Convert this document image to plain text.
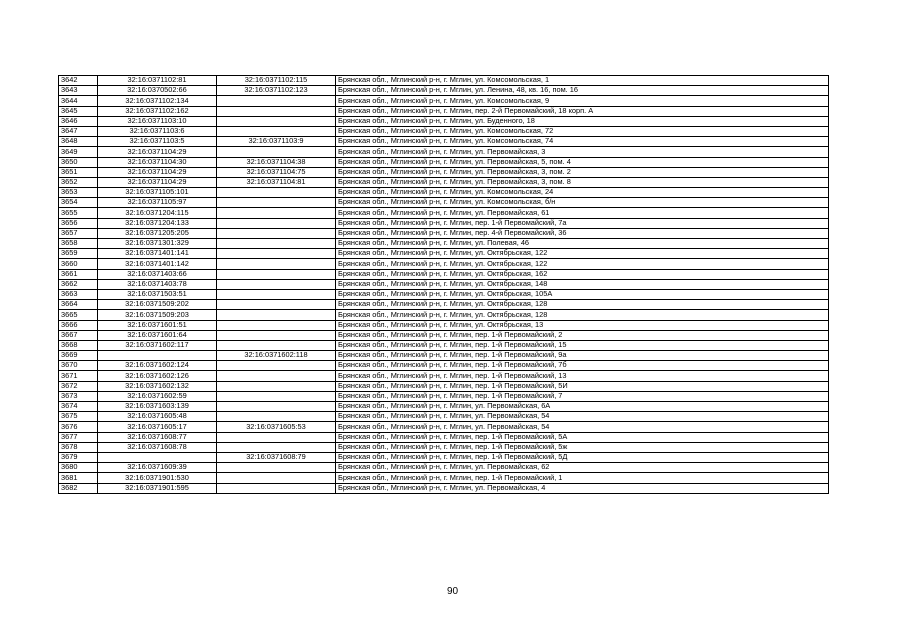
3642	32:16:0371102:81	32:16:0371102:115	Брянская обл., Мглинский р-н, г. Мглин, ул. Комсомольская, 1
3643	32:16:0370502:66	32:16:0371102:123	Брянская обл., Мглинский р-н, г. Мглин, ул. Ленина, 48, кв. 16, пом. 16
3644	32:16:0371102:134		Брянская обл., Мглинский р-н, г. Мглин, ул. Комсомольская, 9
3645	32:16:0371102:162		Брянская обл., Мглинский р-н, г. Мглин, пер. 2-й Первомайский, 18 корп. А
3646	32:16:0371103:10		Брянская обл., Мглинский р-н, г. Мглин, ул. Буденного, 18
3647	32:16:0371103:6		Брянская обл., Мглинский р-н, г. Мглин, ул. Комсомольская, 72
3648	32:16:0371103:5	32:16:0371103:9	Брянская обл., Мглинский р-н, г. Мглин, ул. Комсомольская, 74
3649	32:16:0371104:29		Брянская обл., Мглинский р-н, г. Мглин, ул. Первомайская, 3
3650	32:16:0371104:30	32:16:0371104:38	Брянская обл., Мглинский р-н, г. Мглин, ул. Первомайская, 5, пом. 4
3651	32:16:0371104:29	32:16:0371104:75	Брянская обл., Мглинский р-н, г. Мглин, ул. Первомайская, 3, пом. 2
3652	32:16:0371104:29	32:16:0371104:81	Брянская обл., Мглинский р-н, г. Мглин, ул. Первомайская, 3, пом. 8
3653	32:16:0371105:101		Брянская обл., Мглинский р-н, г. Мглин, ул. Комсомольская, 24
3654	32:16:0371105:97		Брянская обл., Мглинский р-н, г. Мглин, ул. Комсомольская, б/н
3655	32:16:0371204:115		Брянская обл., Мглинский р-н, г. Мглин, ул. Первомайская, 61
3656	32:16:0371204:133		Брянская обл., Мглинский р-н, г. Мглин, пер. 1-й Первомайский, 7а
3657	32:16:0371205:205		Брянская обл., Мглинский р-н, г. Мглин, пер. 4-й Первомайский, 36
3658	32:16:0371301:329		Брянская обл., Мглинский р-н, г. Мглин, ул. Полевая, 46
3659	32:16:0371401:141		Брянская обл., Мглинский р-н, г. Мглин, ул. Октябрьская, 122
3660	32:16:0371401:142		Брянская обл., Мглинский р-н, г. Мглин, ул. Октябрьская, 122
3661	32:16:0371403:66		Брянская обл., Мглинский р-н, г. Мглин, ул. Октябрьская, 162
3662	32:16:0371403:78		Брянская обл., Мглинский р-н, г. Мглин, ул. Октябрьская, 148
3663	32:16:0371503:51		Брянская обл., Мглинский р-н, г. Мглин, ул. Октябрьская, 105А
3664	32:16:0371509:202		Брянская обл., Мглинский р-н, г. Мглин, ул. Октябрьская, 128
3665	32:16:0371509:203		Брянская обл., Мглинский р-н, г. Мглин, ул. Октябрьская, 128
3666	32:16:0371601:51		Брянская обл., Мглинский р-н, г. Мглин, ул. Октябрьская, 13
3667	32:16:0371601:64		Брянская обл., Мглинский р-н, г. Мглин, пер. 1-й Первомайский, 2
3668	32:16:0371602:117		Брянская обл., Мглинский р-н, г. Мглин, пер. 1-й Первомайский, 15
3669		32:16:0371602:118	Брянская обл., Мглинский р-н, г. Мглин, пер. 1-й Первомайский, 9а
3670	32:16:0371602:124		Брянская обл., Мглинский р-н, г. Мглин, пер. 1-й Первомайский, 7б
3671	32:16:0371602:126		Брянская обл., Мглинский р-н, г. Мглин, пер. 1-й Первомайский, 13
3672	32:16:0371602:132		Брянская обл., Мглинский р-н, г. Мглин, пер. 1-й Первомайский, 5И
3673	32:16:0371602:59		Брянская обл., Мглинский р-н, г. Мглин, пер. 1-й Первомайский, 7
3674	32:16:0371603:139		Брянская обл., Мглинский р-н, г. Мглин, ул. Первомайская, 6А
3675	32:16:0371605:48		Брянская обл., Мглинский р-н, г. Мглин, ул. Первомайская, 54
3676	32:16:0371605:17	32:16:0371605:53	Брянская обл., Мглинский р-н, г. Мглин, ул. Первомайская, 54
3677	32:16:0371608:77		Брянская обл., Мглинский р-н, г. Мглин, пер. 1-й Первомайский, 5А
3678	32:16:0371608:78		Брянская обл., Мглинский р-н, г. Мглин, пер. 1-й Первомайский, 5ж
3679		32:16:0371608:79	Брянская обл., Мглинский р-н, г. Мглин, пер. 1-й Первомайский, 5Д
3680	32:16:0371609:39		Брянская обл., Мглинский р-н, г. Мглин, ул. Первомайская, 62
3681	32:16:0371901:530		Брянская обл., Мглинский р-н, г. Мглин, пер. 1-й Первомайский, 1
3682	32:16:0371901:595		Брянская обл., Мглинский р-н, г. Мглин, ул. Первомайская, 4
90
